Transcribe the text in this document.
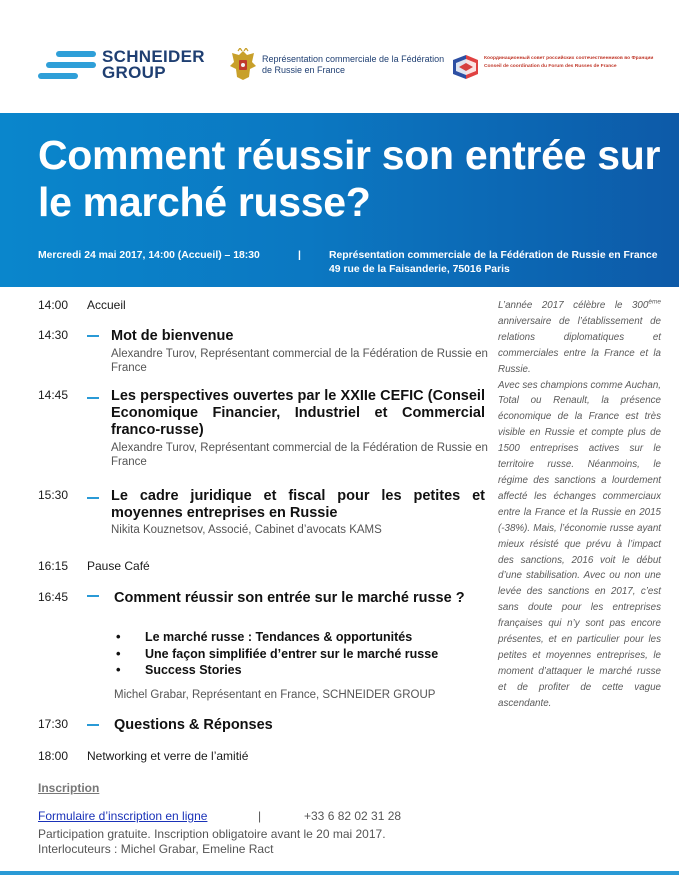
SCHNEIDER
GROUP
Représentation commerciale de la Fédération de Russie en France
Координационный совет российских соотечественников во Франции
Conseil de coordination du Forum des Russes de France
Comment réussir son entrée sur le marché russe?
Mercredi 24 mai 2017, 14:00 (Accueil) – 18:30	|	Représentation commerciale de la Fédération de Russie en France
49 rue de la Faisanderie, 75016 Paris
14:00 Accueil
14:30	Mot de bienvenue
Alexandre Turov, Représentant commercial de la Fédération de Russie en France
14:45	Les perspectives ouvertes par le XXIIe CEFIC (Conseil Economique Financier, Industriel et Commercial franco-russe)
Alexandre Turov, Représentant commercial de la Fédération de Russie en France
15:30	Le cadre juridique et fiscal pour les petites et moyennes entreprises en Russie
Nikita Kouznetsov, Associé, Cabinet d’avocats KAMS
16:15 Pause Café
16:45	Comment réussir son entrée sur le marché russe ?
• Le marché russe : Tendances & opportunités
• Une façon simplifiée d’entrer sur le marché russe
• Success Stories
Michel Grabar, Représentant en France, SCHNEIDER GROUP
17:30	Questions & Réponses
18:00 Networking et verre de l’amitié

L’année 2017 célèbre le 300ème anniversaire de l’établissement de relations diplomatiques et commerciales entre la France et la Russie.

Avec ses champions comme Auchan, Total ou Renault, la présence économique de la France est très visible en Russie et compte plus de 1500 entreprises actives sur le territoire russe. Néanmoins, le régime des sanctions a lourdement affecté les échanges commerciaux entre la France et la Russie en 2015 (-38%). Mais, l’économie russe ayant mieux résisté que prévu à l’impact des sanctions, 2016 voit le début d’une stabilisation. Avec ou non une levée des sanctions en 2017, c’est sans doute pour les entreprises françaises qui n’y sont pas encore présentes, et en particulier pour les petites et moyennes entreprises, le moment d’attaquer le marché russe et de profiter de cette vague ascendante.

Inscription
Formulaire d’inscription en ligne	|	+33 6 82 02 31 28
Participation gratuite. Inscription obligatoire avant le 20 mai 2017.
Interlocuteurs : Michel Grabar, Emeline Ract
